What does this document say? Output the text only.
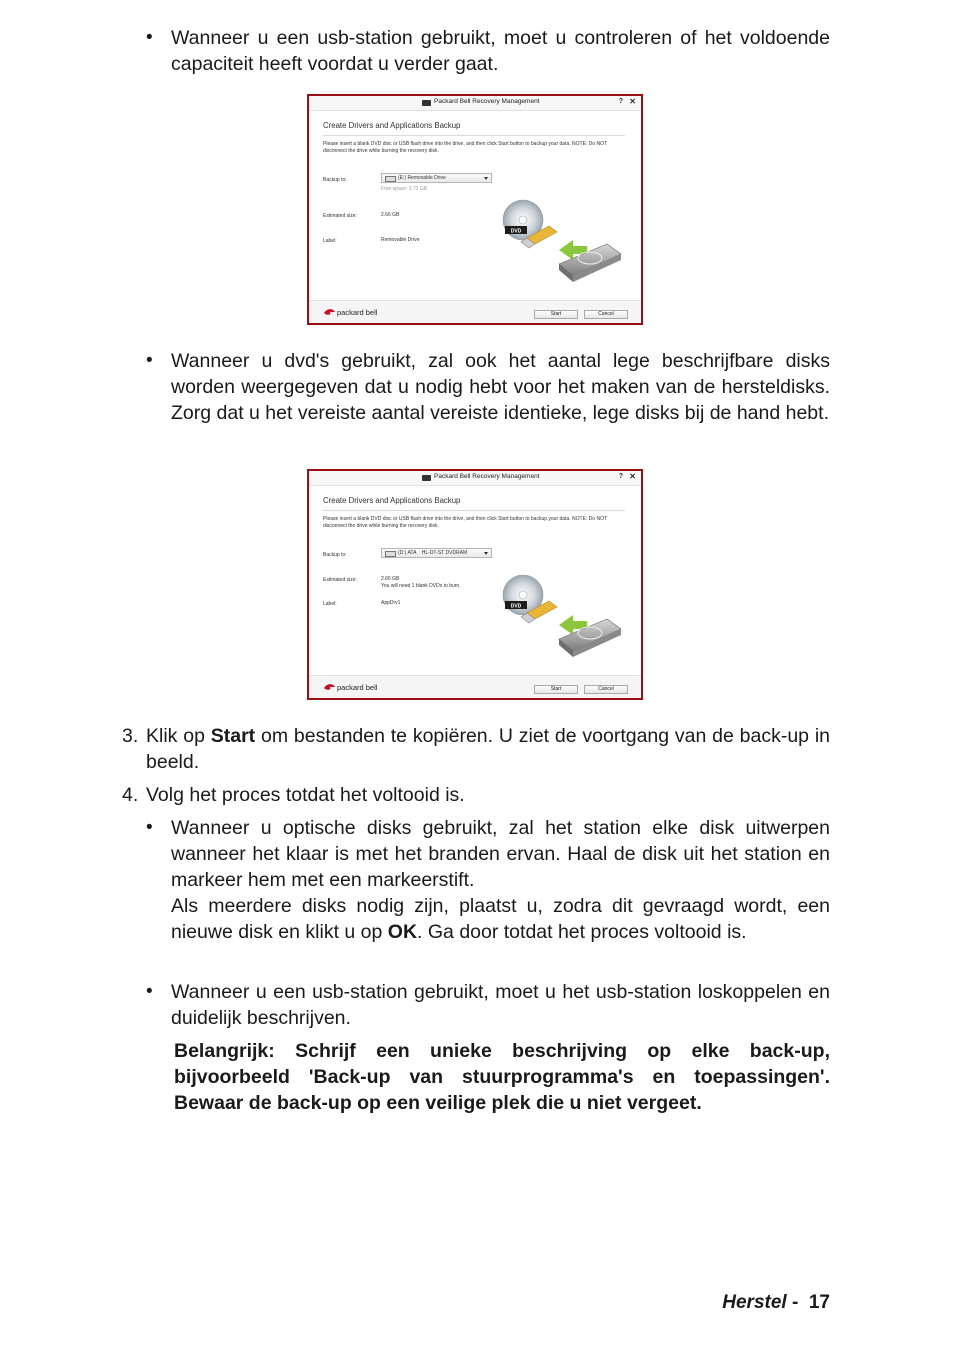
• Wanneer u een usb-station gebruikt, moet u controleren of het voldoende capaciteit heeft voordat u verder gaat.
Packard Bell Recovery Management	? ✕
Create Drivers and Applications Backup
Please insert a blank DVD disc or USB flash drive into the drive, and then click Start button to backup your data. NOTE: Do NOT disconnect the drive while burning the recovery disk.
Backup to:	(E:) Removable Drive
Free space: 3.72 GB
Estimated size:	2.66 GB
Label:	Removable Drive
DVD
packard bell	Start	Cancel
• Wanneer u dvd's gebruikt, zal ook het aantal lege beschrijfbare disks worden weergegeven dat u nodig hebt voor het maken van de hersteldisks. Zorg dat u het vereiste aantal vereiste identieke, lege disks bij de hand hebt.
Packard Bell Recovery Management	? ✕
Create Drivers and Applications Backup
Please insert a blank DVD disc or USB flash drive into the drive, and then click Start button to backup your data. NOTE: Do NOT disconnect the drive while burning the recovery disk.
Backup to:	(D:) ATA    HL-DT-ST DVDRAM
Estimated size:	2.66 GB
You will need 1 blank DVDs to burn.
Label:	AppDrv1
DVD
packard bell	Start	Cancel
3. Klik op Start om bestanden te kopiëren. U ziet de voortgang van de back-up in beeld.
4. Volg het proces totdat het voltooid is.
• Wanneer u optische disks gebruikt, zal het station elke disk uitwerpen wanneer het klaar is met het branden ervan. Haal de disk uit het station en markeer hem met een markeerstift.
Als meerdere disks nodig zijn, plaatst u, zodra dit gevraagd wordt, een nieuwe disk en klikt u op OK. Ga door totdat het proces voltooid is.
• Wanneer u een usb-station gebruikt, moet u het usb-station loskoppelen en duidelijk beschrijven.
Belangrijk: Schrijf een unieke beschrijving op elke back-up, bijvoorbeeld 'Back-up van stuurprogramma's en toepassingen'. Bewaar de back-up op een veilige plek die u niet vergeet.
Herstel -  17
